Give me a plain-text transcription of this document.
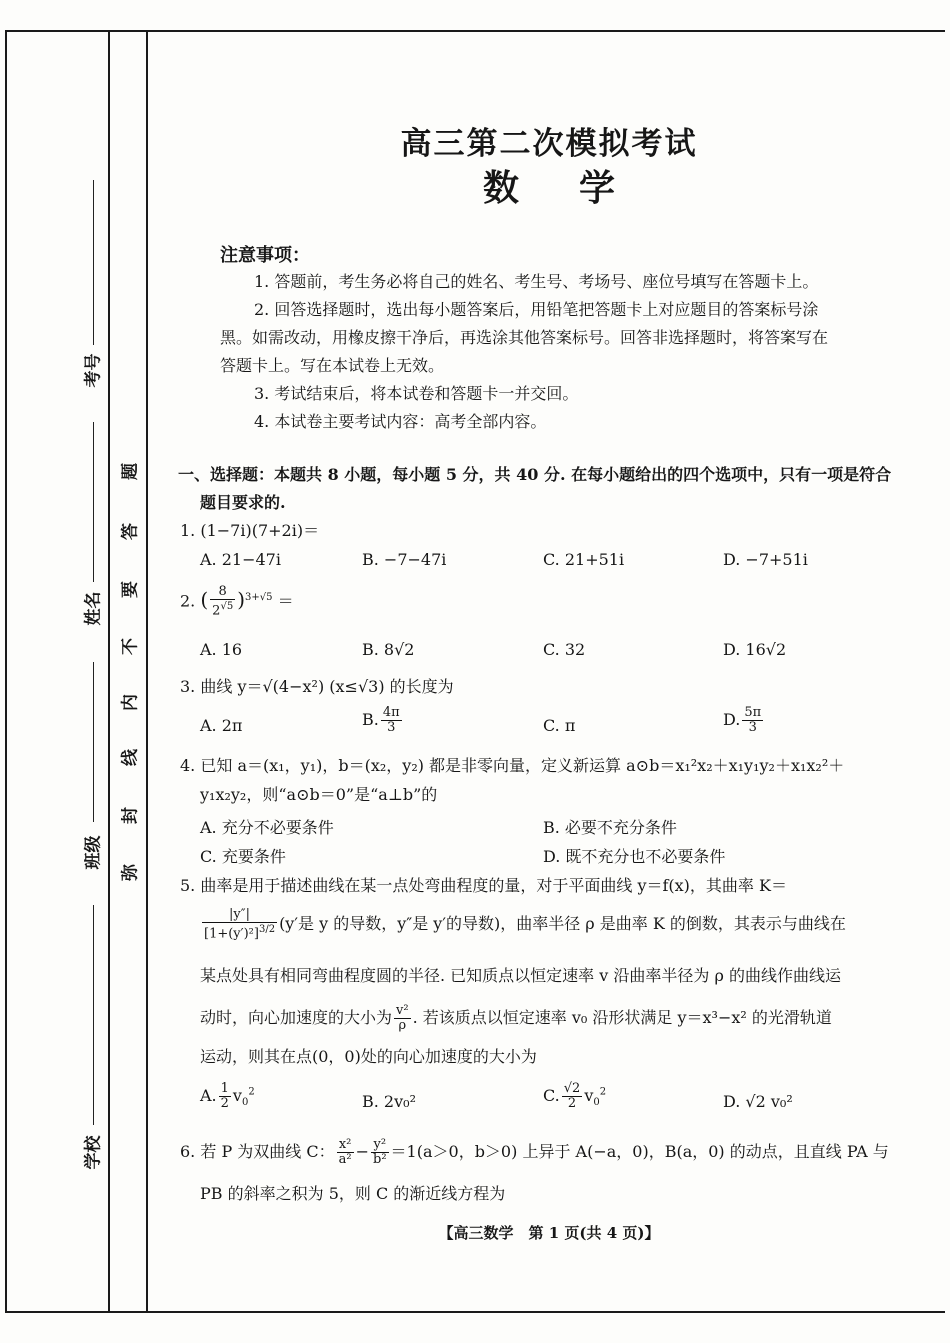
考号
姓名
班级
学校
题
答
要
不
内
线
封
弥
高三第二次模拟考试
数学
注意事项：
1. 答题前，考生务必将自己的姓名、考生号、考场号、座位号填写在答题卡上。
2. 回答选择题时，选出每小题答案后，用铅笔把答题卡上对应题目的答案标号涂
黑。如需改动，用橡皮擦干净后，再选涂其他答案标号。回答非选择题时，将答案写在
答题卡上。写在本试卷上无效。
3. 考试结束后，将本试卷和答题卡一并交回。
4. 本试卷主要考试内容：高考全部内容。
一、选择题：本题共 8 小题，每小题 5 分，共 40 分. 在每小题给出的四个选项中，只有一项是符合
题目要求的.
1. (1−7i)(7+2i)＝
A. 21−47i	B. −7−47i	C. 21+51i	D. −7+51i
2. ( $\frac{8}{2^{√5}} )^{3+√5}$ ＝
A. 16	B. 8√2	C. 32	D. 16√2
3. 曲线 y＝√(4−x²) (x≤√3) 的长度为
A. 2π	B. $\frac{4\pi}{3}$	C. π	D. $\frac{5\pi}{3}$
4. 已知 a＝(x₁，y₁)，b＝(x₂，y₂) 都是非零向量，定义新运算 a⊙b＝x₁²x₂＋x₁y₁y₂＋x₁x₂²＋
y₁x₂y₂，则“a⊙b＝0”是“a⊥b”的
A. 充分不必要条件	B. 必要不充分条件
C. 充要条件	D. 既不充分也不必要条件
5. 曲率是用于描述曲线在某一点处弯曲程度的量，对于平面曲线 y＝f(x)，其曲率 K＝
$\frac{|y''|}{[1+(y')^2]^{3/2}} (y'$是 y 的导数，y″是 y′的导数)，曲率半径 ρ 是曲率 K 的倒数，其表示与曲线在
某点处具有相同弯曲程度圆的半径. 已知质点以恒定速率 v 沿曲率半径为 ρ 的曲线作曲线运
动时，向心加速度的大小为 $\frac{\text{v²}}{\rho}$ . 若该质点以恒定速率 v₀ 沿形状满足 y＝x³−x² 的光滑轨道
运动，则其在点(0，0)处的向心加速度的大小为
A. $\frac{1}{2} v_0^2$	B. 2v₀²	C. $\frac{√2}{2} v_0^2$	D. √2 v₀²
6. 若 P 为双曲线 C： $\frac{\text{x²}}{\text{a²}} - \frac{\text{y²}}{\text{b²}} =1(a>0$，b＞0) 上异于 A(−a，0)，B(a，0) 的动点，且直线 PA 与
PB 的斜率之积为 5，则 C 的渐近线方程为
【高三数学　第 1 页(共 4 页)】
